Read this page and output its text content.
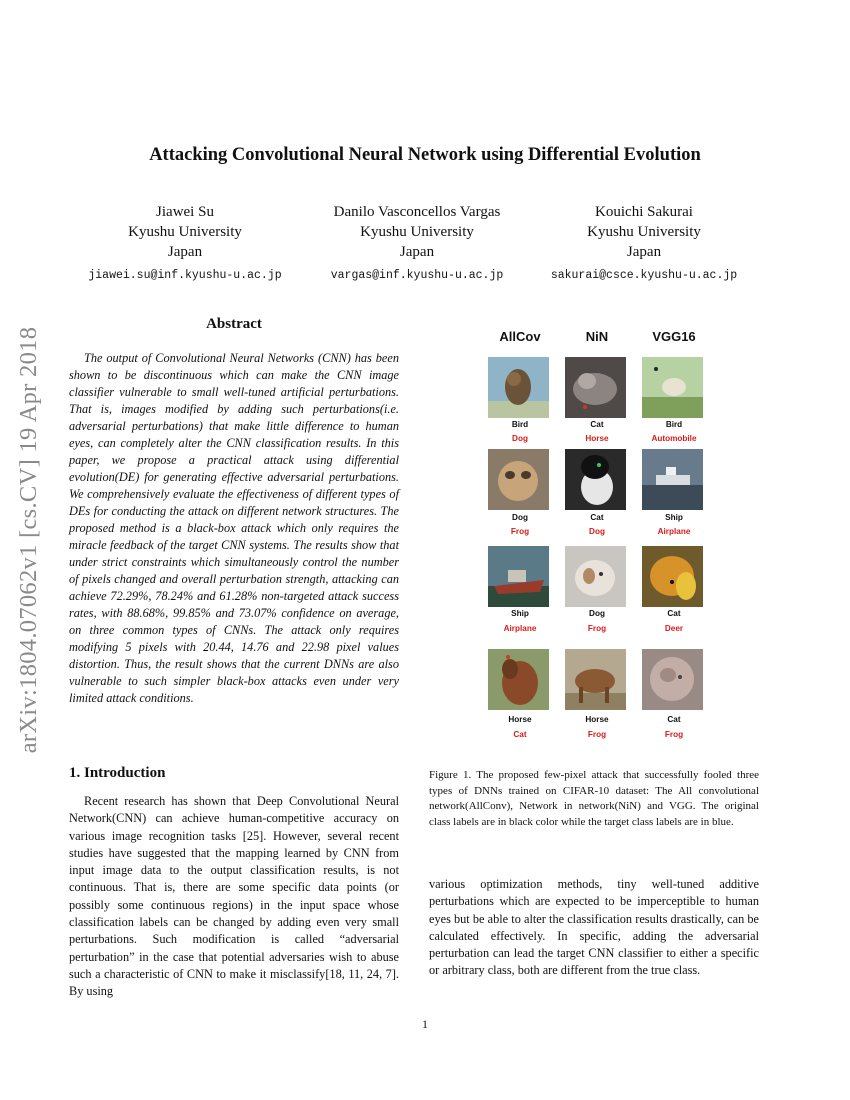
arXiv:1804.07062v1 [cs.CV] 19 Apr 2018
Attacking Convolutional Neural Network using Differential Evolution
Jiawei Su
Kyushu University
Japan
jiawei.su@inf.kyushu-u.ac.jp
Danilo Vasconcellos Vargas
Kyushu University
Japan
vargas@inf.kyushu-u.ac.jp
Kouichi Sakurai
Kyushu University
Japan
sakurai@csce.kyushu-u.ac.jp
Abstract
The output of Convolutional Neural Networks (CNN) has been shown to be discontinuous which can make the CNN image classifier vulnerable to small well-tuned artificial perturbations. That is, images modified by adding such perturbations(i.e. adversarial perturbations) that make little difference to human eyes, can completely alter the CNN classification results. In this paper, we propose a practical attack using differential evolution(DE) for generating effective adversarial perturbations. We comprehensively evaluate the effectiveness of different types of DEs for conducting the attack on different network structures. The proposed method is a black-box attack which only requires the miracle feedback of the target CNN systems. The results show that under strict constraints which simultaneously control the number of pixels changed and overall perturbation strength, attacking can achieve 72.29%, 78.24% and 61.28% non-targeted attack success rates, with 88.68%, 99.85% and 73.07% confidence on average, on three common types of CNNs. The attack only requires modifying 5 pixels with 20.44, 14.76 and 22.98 pixel values distortion. Thus, the result shows that the current DNNs are also vulnerable to such simpler black-box attacks even under very limited attack conditions.
1. Introduction
Recent research has shown that Deep Convolutional Neural Network(CNN) can achieve human-competitive accuracy on various image recognition tasks [25]. However, several recent studies have suggested that the mapping learned by CNN from input image data to the output classification results, is not continuous. That is, there are some specific data points (or possibly some continuous regions) in the input space whose classification labels can be changed by adding even very small perturbations. Such modification is called “adversarial perturbation” in the case that potential adversaries wish to abuse such a characteristic of CNN to make it misclassify[18, 11, 24, 7]. By using
AllCov	NiN	VGG16
Bird
Dog
Cat
Horse
Bird
Automobile
Dog
Frog
Cat
Dog
Ship
Airplane
Ship
Airplane
Dog
Frog
Cat
Deer
Horse
Cat
Horse
Frog
Cat
Frog
Figure 1. The proposed few-pixel attack that successfully fooled three types of DNNs trained on CIFAR-10 dataset: The All convolutional network(AllConv), Network in network(NiN) and VGG. The original class labels are in black color while the target class labels are in blue.
various optimization methods, tiny well-tuned additive perturbations which are expected to be imperceptible to human eyes but be able to alter the classification results drastically, can be calculated effectively. In specific, adding the adversarial perturbation can lead the target CNN classifier to either a specific or arbitrary class, both are different from the true class.
1
